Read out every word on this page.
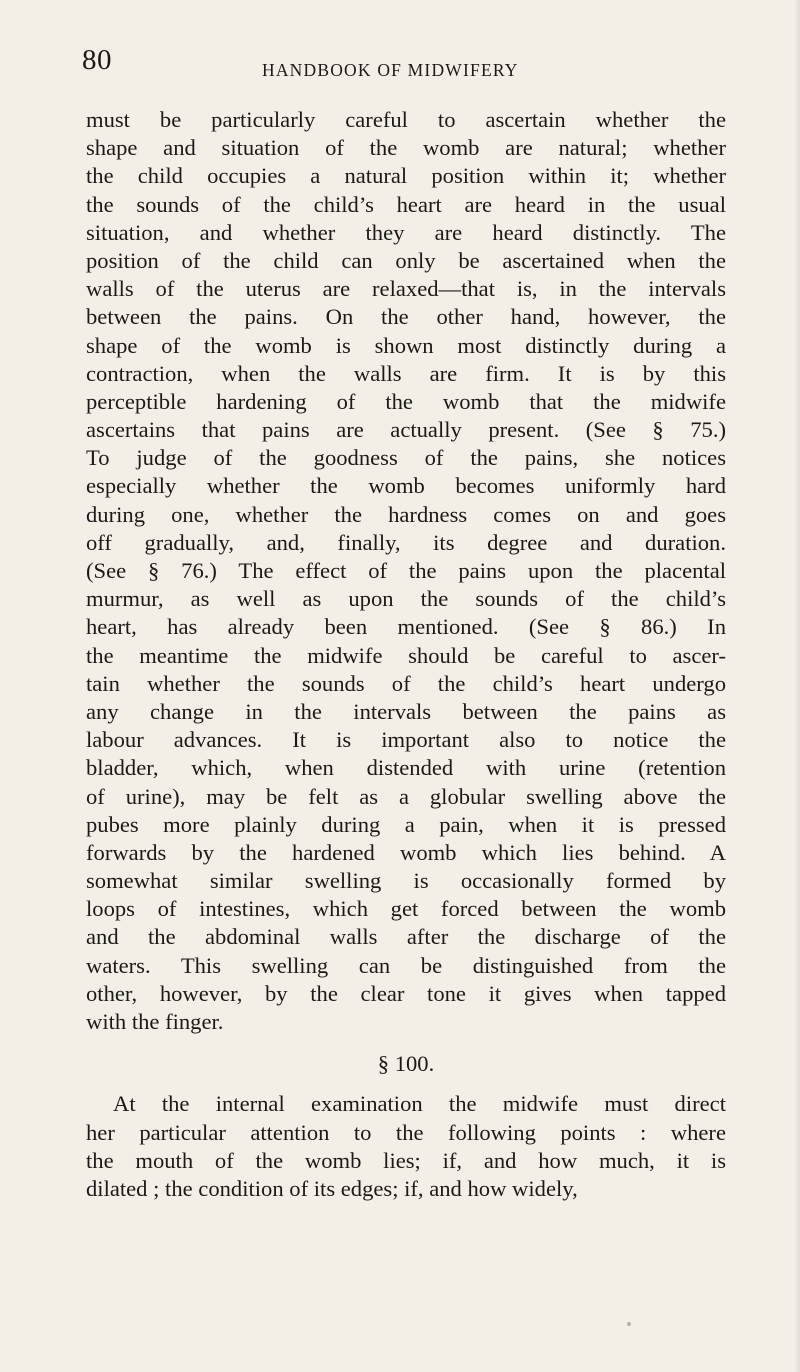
80	HANDBOOK OF MIDWIFERY
must be particularly careful to ascertain whether the
shape and situation of the womb are natural; whether
the child occupies a natural position within it; whether
the sounds of the child’s heart are heard in the usual
situation, and whether they are heard distinctly. The
position of the child can only be ascertained when the
walls of the uterus are relaxed—that is, in the intervals
between the pains. On the other hand, however, the
shape of the womb is shown most distinctly during a
contraction, when the walls are firm. It is by this
perceptible hardening of the womb that the midwife
ascertains that pains are actually present. (See § 75.)
To judge of the goodness of the pains, she notices
especially whether the womb becomes uniformly hard
during one, whether the hardness comes on and goes
off gradually, and, finally, its degree and duration.
(See § 76.) The effect of the pains upon the placental
murmur, as well as upon the sounds of the child’s
heart, has already been mentioned. (See § 86.) In
the meantime the midwife should be careful to ascer-
tain whether the sounds of the child’s heart undergo
any change in the intervals between the pains as
labour advances. It is important also to notice the
bladder, which, when distended with urine (retention
of urine), may be felt as a globular swelling above the
pubes more plainly during a pain, when it is pressed
forwards by the hardened womb which lies behind. A
somewhat similar swelling is occasionally formed by
loops of intestines, which get forced between the womb
and the abdominal walls after the discharge of the
waters. This swelling can be distinguished from the
other, however, by the clear tone it gives when tapped
with the finger.
§ 100.
At the internal examination the midwife must direct
her particular attention to the following points : where
the mouth of the womb lies; if, and how much, it is
dilated ; the condition of its edges; if, and how widely,
